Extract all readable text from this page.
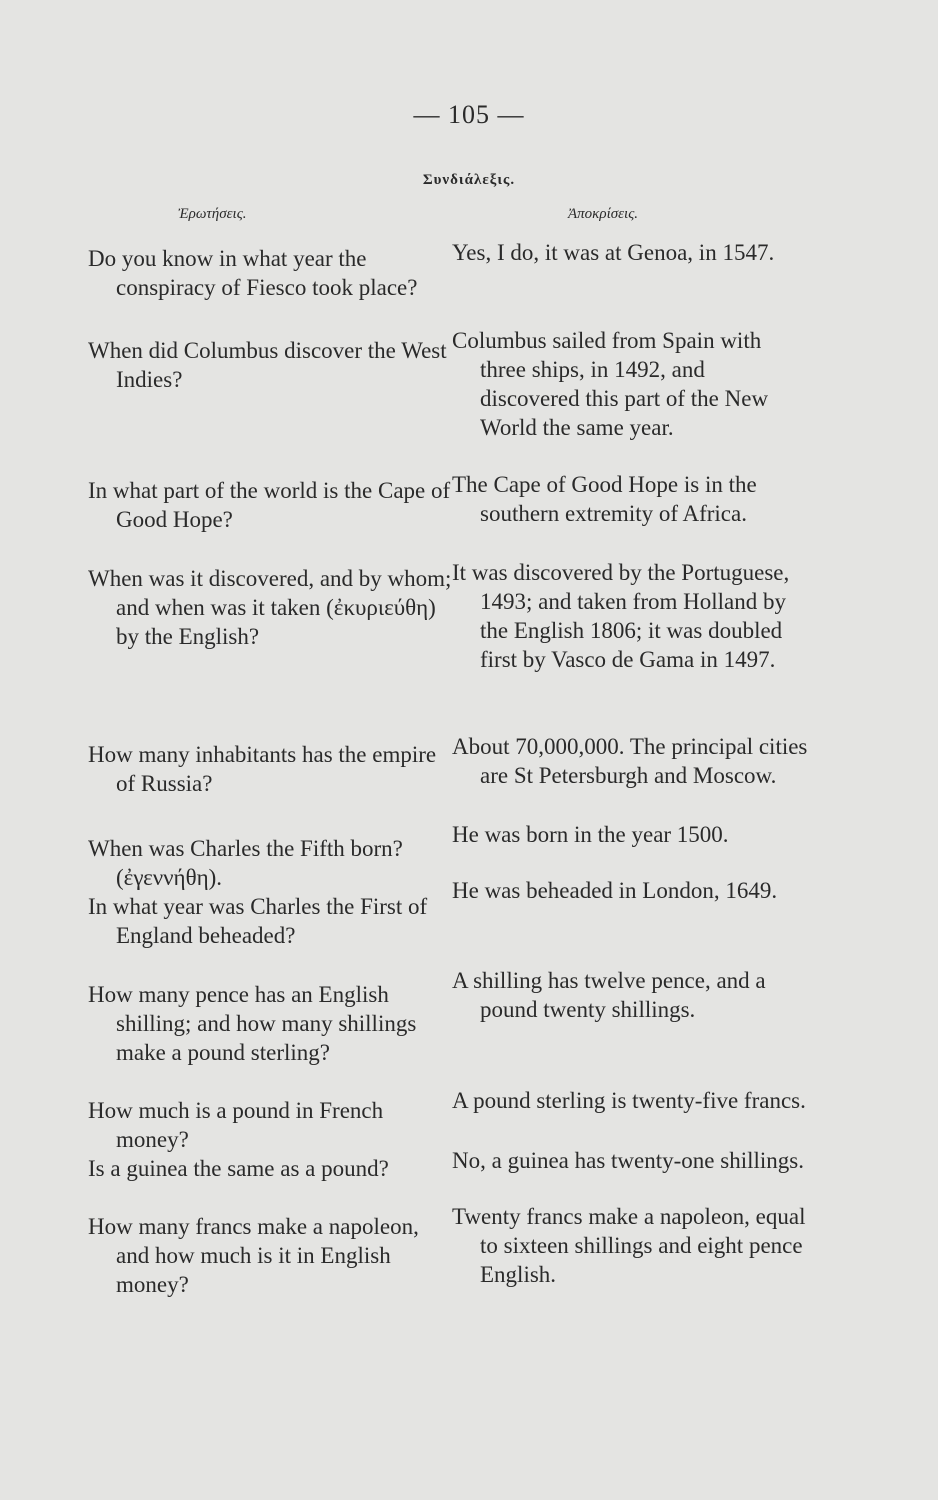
— 105 —
Συνδιάλεξις.
Ἐρωτήσεις.	Ἀποκρίσεις.
Do you know in what year the conspiracy of Fiesco took place?
When did Columbus discover the West Indies?
In what part of the world is the Cape of Good Hope?
When was it discovered, and by whom; and when was it taken (ἐκυριεύθη) by the English?
How many inhabitants has the empire of Russia?
When was Charles the Fifth born? (ἐγεννήθη).
In what year was Charles the First of England beheaded?
How many pence has an English shilling; and how many shillings make a pound sterling?
How much is a pound in French money?
Is a guinea the same as a pound?
How many francs make a napoleon, and how much is it in English money?
Yes, I do, it was at Genoa, in 1547.
Columbus sailed from Spain with three ships, in 1492, and discovered this part of the New World the same year.
The Cape of Good Hope is in the southern extremity of Africa.
It was discovered by the Portuguese, 1493; and taken from Holland by the English 1806; it was doubled first by Vasco de Gama in 1497.
About 70,000,000. The principal cities are St Petersburgh and Moscow.
He was born in the year 1500.
He was beheaded in London, 1649.
A shilling has twelve pence, and a pound twenty shillings.
A pound sterling is twenty-five francs.
No, a guinea has twenty-one shillings.
Twenty francs make a napoleon, equal to sixteen shillings and eight pence English.
